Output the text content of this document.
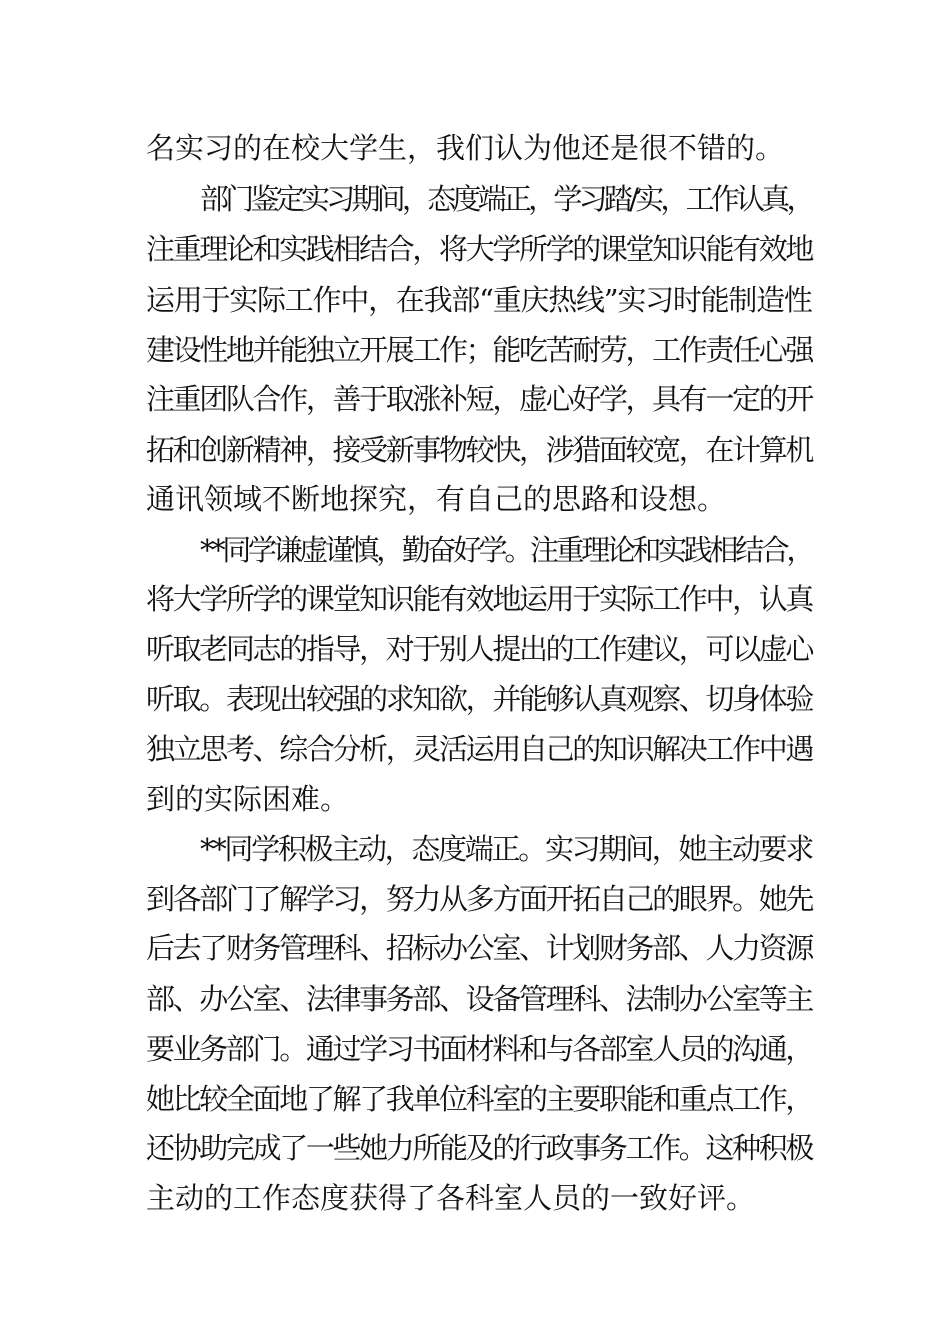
名实习的在校大学生，我们认为他还是很不错的。

部门鉴定实习期间，态度端正，学习踏/实，工作认真，

注重理论和实践相结合，将大学所学的课堂知识能有效地

运用于实际工作中，在我部“重庆热线”实习时能制造性

建设性地并能独立开展工作；能吃苦耐劳，工作责任心强

注重团队合作，善于取涨补短，虚心好学，具有一定的开

拓和创新精神，接受新事物较快，涉猎面较宽，在计算机

通讯领域不断地探究，有自己的思路和设想。

**同学谦虚谨慎，勤奋好学。注重理论和实践相结合，

将大学所学的课堂知识能有效地运用于实际工作中，认真

听取老同志的指导，对于别人提出的工作建议，可以虚心

听取。表现出较强的求知欲，并能够认真观察、切身体验

独立思考、综合分析，灵活运用自己的知识解决工作中遇

到的实际困难。

**同学积极主动，态度端正。实习期间，她主动要求

到各部门了解学习，努力从多方面开拓自己的眼界。她先

后去了财务管理科、招标办公室、计划财务部、人力资源

部、办公室、法律事务部、设备管理科、法制办公室等主

要业务部门。通过学习书面材料和与各部室人员的沟通，

她比较全面地了解了我单位科室的主要职能和重点工作，

还协助完成了一些她力所能及的行政事务工作。这种积极

主动的工作态度获得了各科室人员的一致好评。
